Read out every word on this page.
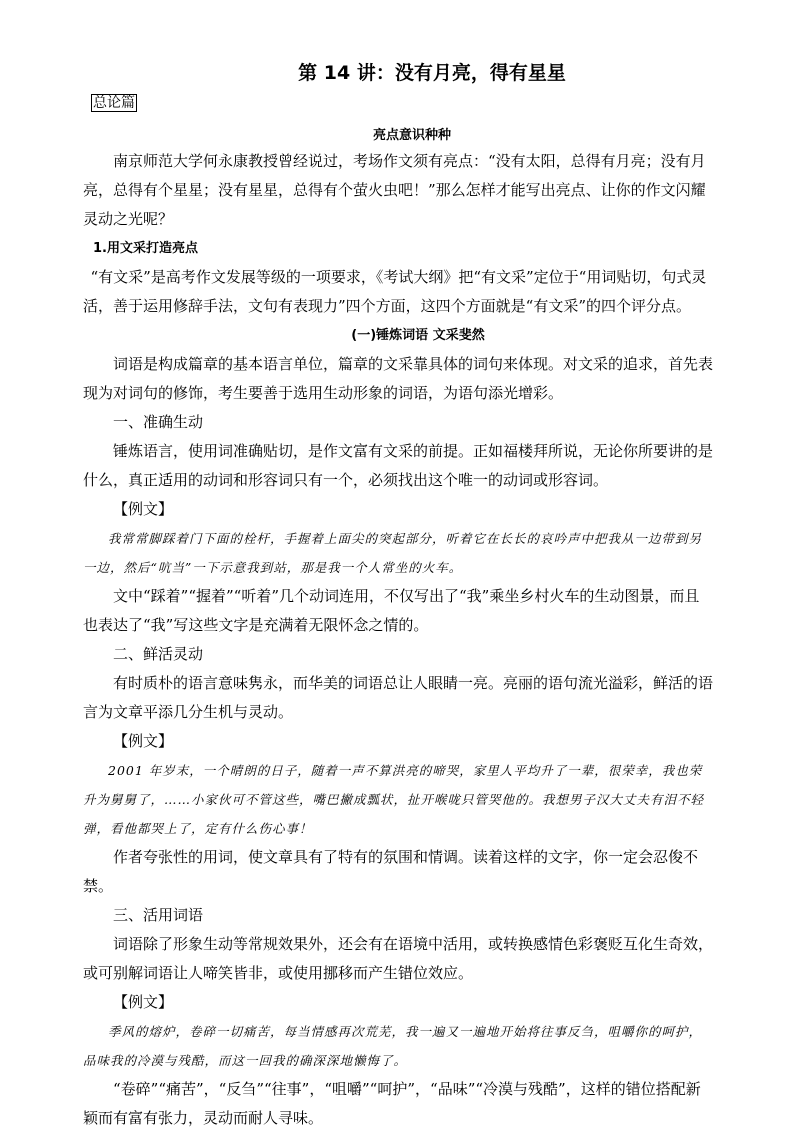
第 14 讲：没有月亮，得有星星
总论篇
亮点意识种种

南京师范大学何永康教授曾经说过，考场作文须有亮点：“没有太阳，总得有月亮；没有月亮，总得有个星星；没有星星，总得有个萤火虫吧！”那么怎样才能写出亮点、让你的作文闪耀灵动之光呢？

1.用文采打造亮点

“有文采”是高考作文发展等级的一项要求，《考试大纲》把“有文采”定位于“用词贴切，句式灵活，善于运用修辞手法，文句有表现力”四个方面，这四个方面就是“有文采”的四个评分点。

(一)锤炼词语 文采斐然

词语是构成篇章的基本语言单位，篇章的文采靠具体的词句来体现。对文采的追求，首先表现为对词句的修饰，考生要善于选用生动形象的词语，为语句添光增彩。

一、准确生动

锤炼语言，使用词准确贴切，是作文富有文采的前提。正如福楼拜所说，无论你所要讲的是什么，真正适用的动词和形容词只有一个，必须找出这个唯一的动词或形容词。

【例文】

我常常脚踩着门下面的栓杆，手握着上面尖的突起部分，听着它在长长的哀吟声中把我从一边带到另一边，然后“吭当”一下示意我到站，那是我一个人常坐的火车。

文中“踩着”“握着”“听着”几个动词连用，不仅写出了“我”乘坐乡村火车的生动图景，而且也表达了“我”写这些文字是充满着无限怀念之情的。

二、鲜活灵动

有时质朴的语言意味隽永，而华美的词语总让人眼睛一亮。亮丽的语句流光溢彩，鲜活的语言为文章平添几分生机与灵动。

【例文】

2001 年岁末，一个晴朗的日子，随着一声不算洪亮的啼哭，家里人平均升了一辈，很荣幸，我也荣升为舅舅了，……小家伙可不管这些，嘴巴撇成瓢状，扯开喉咙只管哭他的。我想男子汉大丈夫有泪不轻弹，看他都哭上了，定有什么伤心事！

作者夸张性的用词，使文章具有了特有的氛围和情调。读着这样的文字，你一定会忍俊不禁。

三、活用词语

词语除了形象生动等常规效果外，还会有在语境中活用，或转换感情色彩褒贬互化生奇效，或可别解词语让人啼笑皆非，或使用挪移而产生错位效应。

【例文】

季风的熔炉，卷碎一切痛苦，每当情感再次荒芜，我一遍又一遍地开始将往事反刍，咀嚼你的呵护，品味我的冷漠与残酷，而这一回我的确深深地懒悔了。

“卷碎”“痛苦”，“反刍”“往事”，“咀嚼”“呵护”，“品味”“冷漠与残酷”，这样的错位搭配新颖而有富有张力，灵动而耐人寻味。
